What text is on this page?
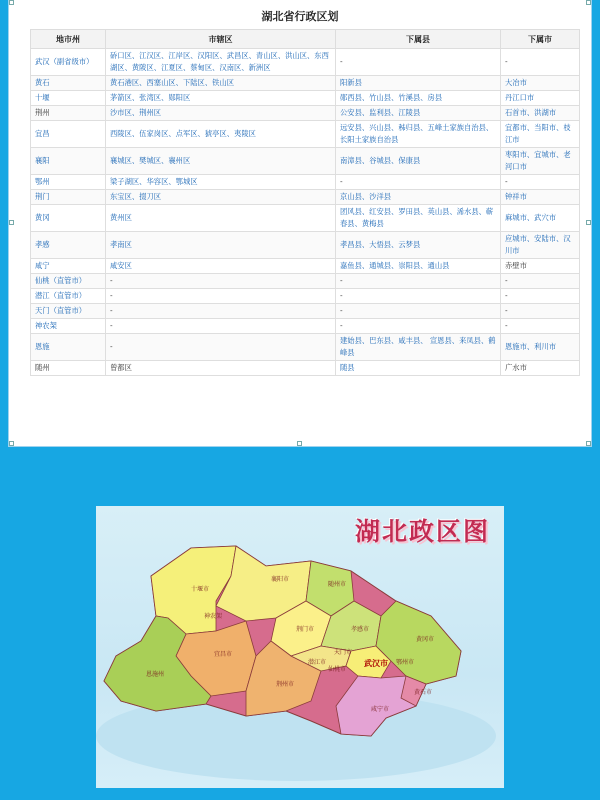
湖北省行政区划
地市州	市辖区	下属县	下属市
武汉（副省级市）	硚口区、江汉区、江岸区、汉阳区、武昌区、青山区、洪山区、东西湖区、黄陂区、江夏区、蔡甸区、汉南区、新洲区	-	-
黄石	黄石港区、西塞山区、下陆区、铁山区	阳新县	大冶市
十堰	茅箭区、张湾区、郧阳区	郧西县、竹山县、竹溪县、房县	丹江口市
荆州	沙市区、荆州区	公安县、监利县、江陵县	石首市、洪湖市
宜昌	西陵区、伍家岗区、点军区、猇亭区、夷陵区	远安县、兴山县、秭归县、五峰土家族自治县、长阳土家族自治县	宜都市、当阳市、枝江市
襄阳	襄城区、樊城区、襄州区	南漳县、谷城县、保康县	枣阳市、宜城市、老河口市
鄂州	梁子湖区、华容区、鄂城区	-	-
荆门	东宝区、掇刀区	京山县、沙洋县	钟祥市
黄冈	黄州区	团风县、红安县、罗田县、英山县、浠水县、蕲春县、黄梅县	麻城市、武穴市
孝感	孝南区	孝昌县、大悟县、云梦县	应城市、安陆市、汉川市
咸宁	咸安区	嘉鱼县、通城县、崇阳县、通山县	赤壁市
仙桃（直管市）	-	-	-
潜江（直管市）	-	-	-
天门（直管市）	-	-	-
神农架	-	-	-
恩施	-	建始县、巴东县、咸丰县、 宣恩县、来凤县、鹤峰县	恩施市、利川市
随州	曾都区	随县	广水市
十堰市
襄阳市
随州市
宜昌市
荆门市	孝感市
武汉市
黄冈市
鄂州市
黄石市
荆州市
咸宁市
恩施州
神农架
仙桃市
潜江市
天门市
湖北政区图
